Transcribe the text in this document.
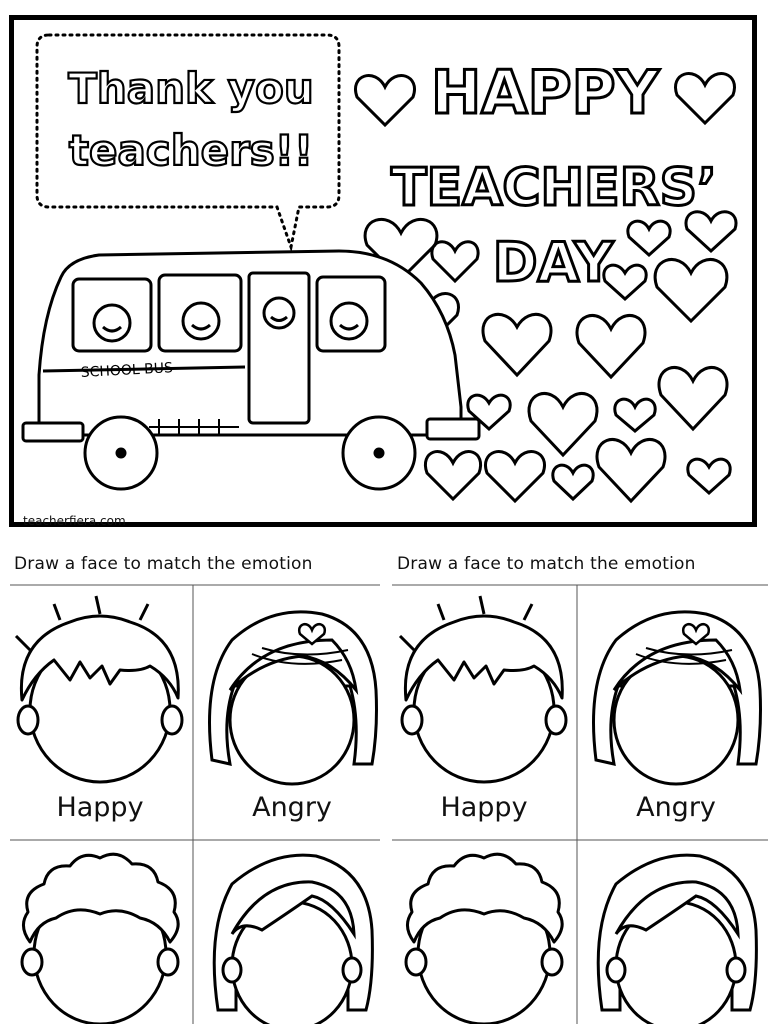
Thank you
teachers!!
HAPPY
TEACHERS’
DAY
SCHOOL BUS
teacherfiera.com
Draw a face to match the emotion	Draw a face to match the emotion
Happy	Angry	Happy	Angry
